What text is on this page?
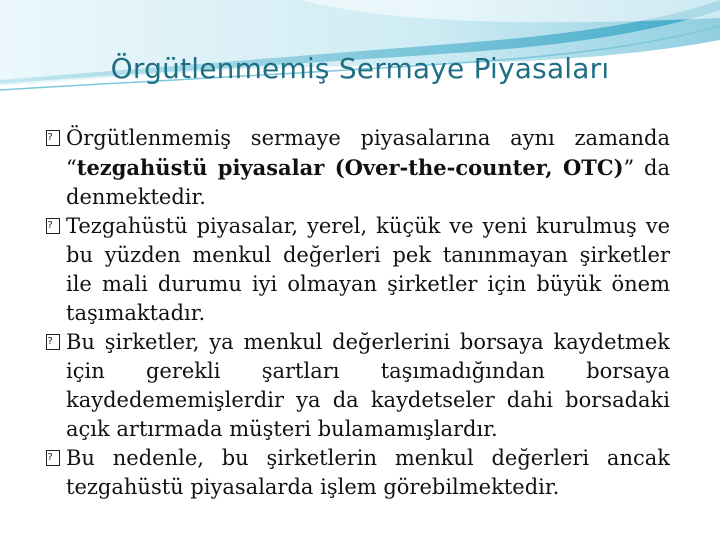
Örgütlenmemiş Sermaye Piyasaları

? Örgütlenmemiş sermaye piyasalarına aynı zamanda “tezgahüstü piyasalar (Over-the-counter, OTC)” da denmektedir.

? Tezgahüstü piyasalar, yerel, küçük ve yeni kurulmuş ve bu yüzden menkul değerleri pek tanınmayan şirketler ile mali durumu iyi olmayan şirketler için büyük önem taşımaktadır.

? Bu şirketler, ya menkul değerlerini borsaya kaydetmek için gerekli şartları taşımadığından borsaya kaydedememişlerdir ya da kaydetseler dahi borsadaki açık artırmada müşteri bulamamışlardır.

? Bu nedenle, bu şirketlerin menkul değerleri ancak tezgahüstü piyasalarda işlem görebilmektedir.
